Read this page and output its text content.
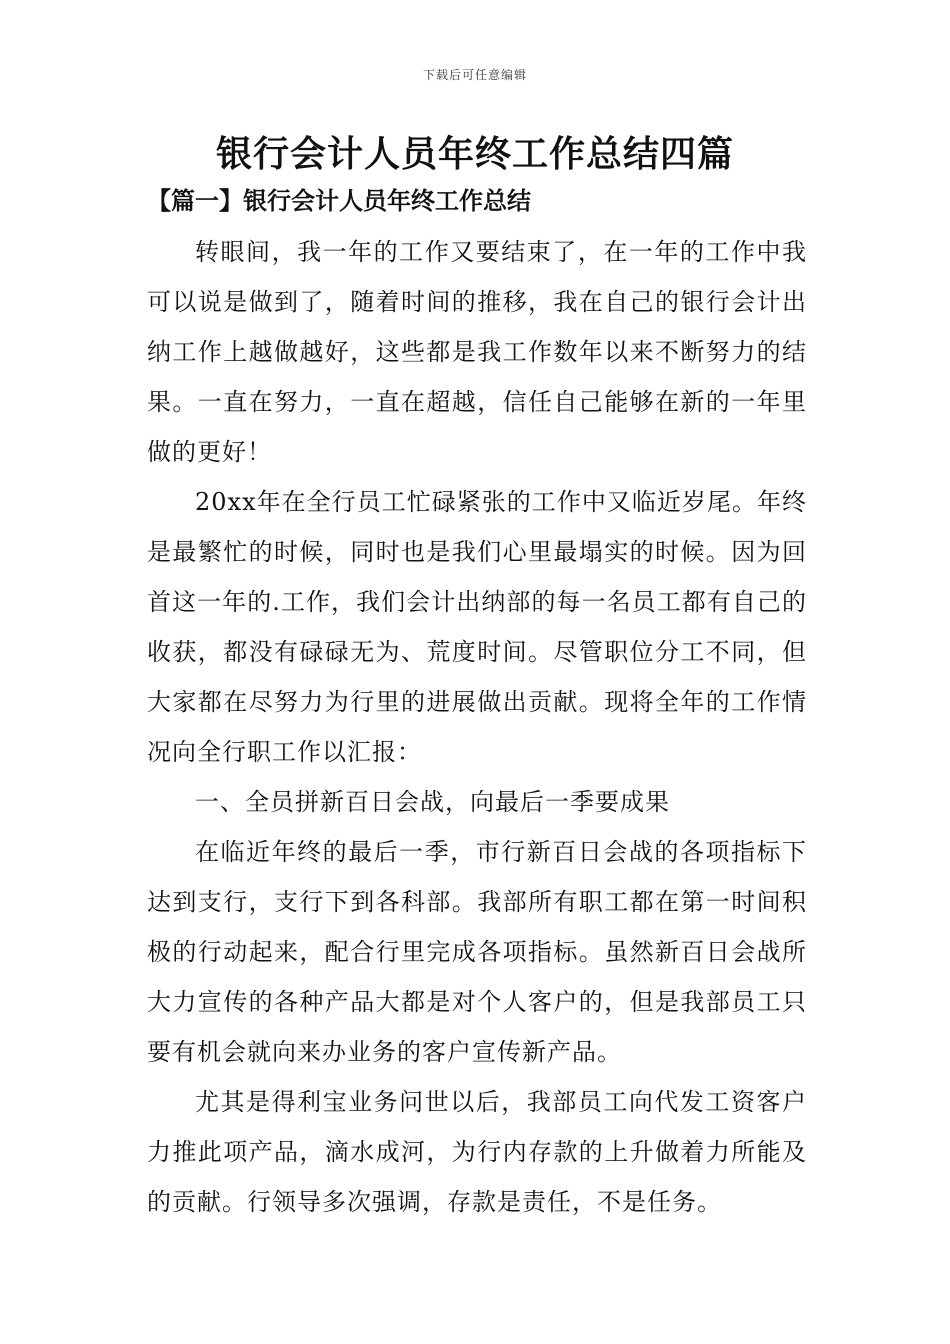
下载后可任意编辑
银行会计人员年终工作总结四篇
【篇一】银行会计人员年终工作总结

转眼间，我一年的工作又要结束了，在一年的工作中我可以说是做到了，随着时间的推移，我在自己的银行会计出纳工作上越做越好，这些都是我工作数年以来不断努力的结果。一直在努力，一直在超越，信任自己能够在新的一年里做的更好！

20xx年在全行员工忙碌紧张的工作中又临近岁尾。年终是最繁忙的时候，同时也是我们心里最塌实的时候。因为回首这一年的.工作，我们会计出纳部的每一名员工都有自己的收获，都没有碌碌无为、荒度时间。尽管职位分工不同，但大家都在尽努力为行里的进展做出贡献。现将全年的工作情况向全行职工作以汇报：

一、全员拼新百日会战，向最后一季要成果

在临近年终的最后一季，市行新百日会战的各项指标下达到支行，支行下到各科部。我部所有职工都在第一时间积极的行动起来，配合行里完成各项指标。虽然新百日会战所大力宣传的各种产品大都是对个人客户的，但是我部员工只要有机会就向来办业务的客户宣传新产品。

尤其是得利宝业务问世以后，我部员工向代发工资客户力推此项产品，滴水成河，为行内存款的上升做着力所能及的贡献。行领导多次强调，存款是责任，不是任务。
